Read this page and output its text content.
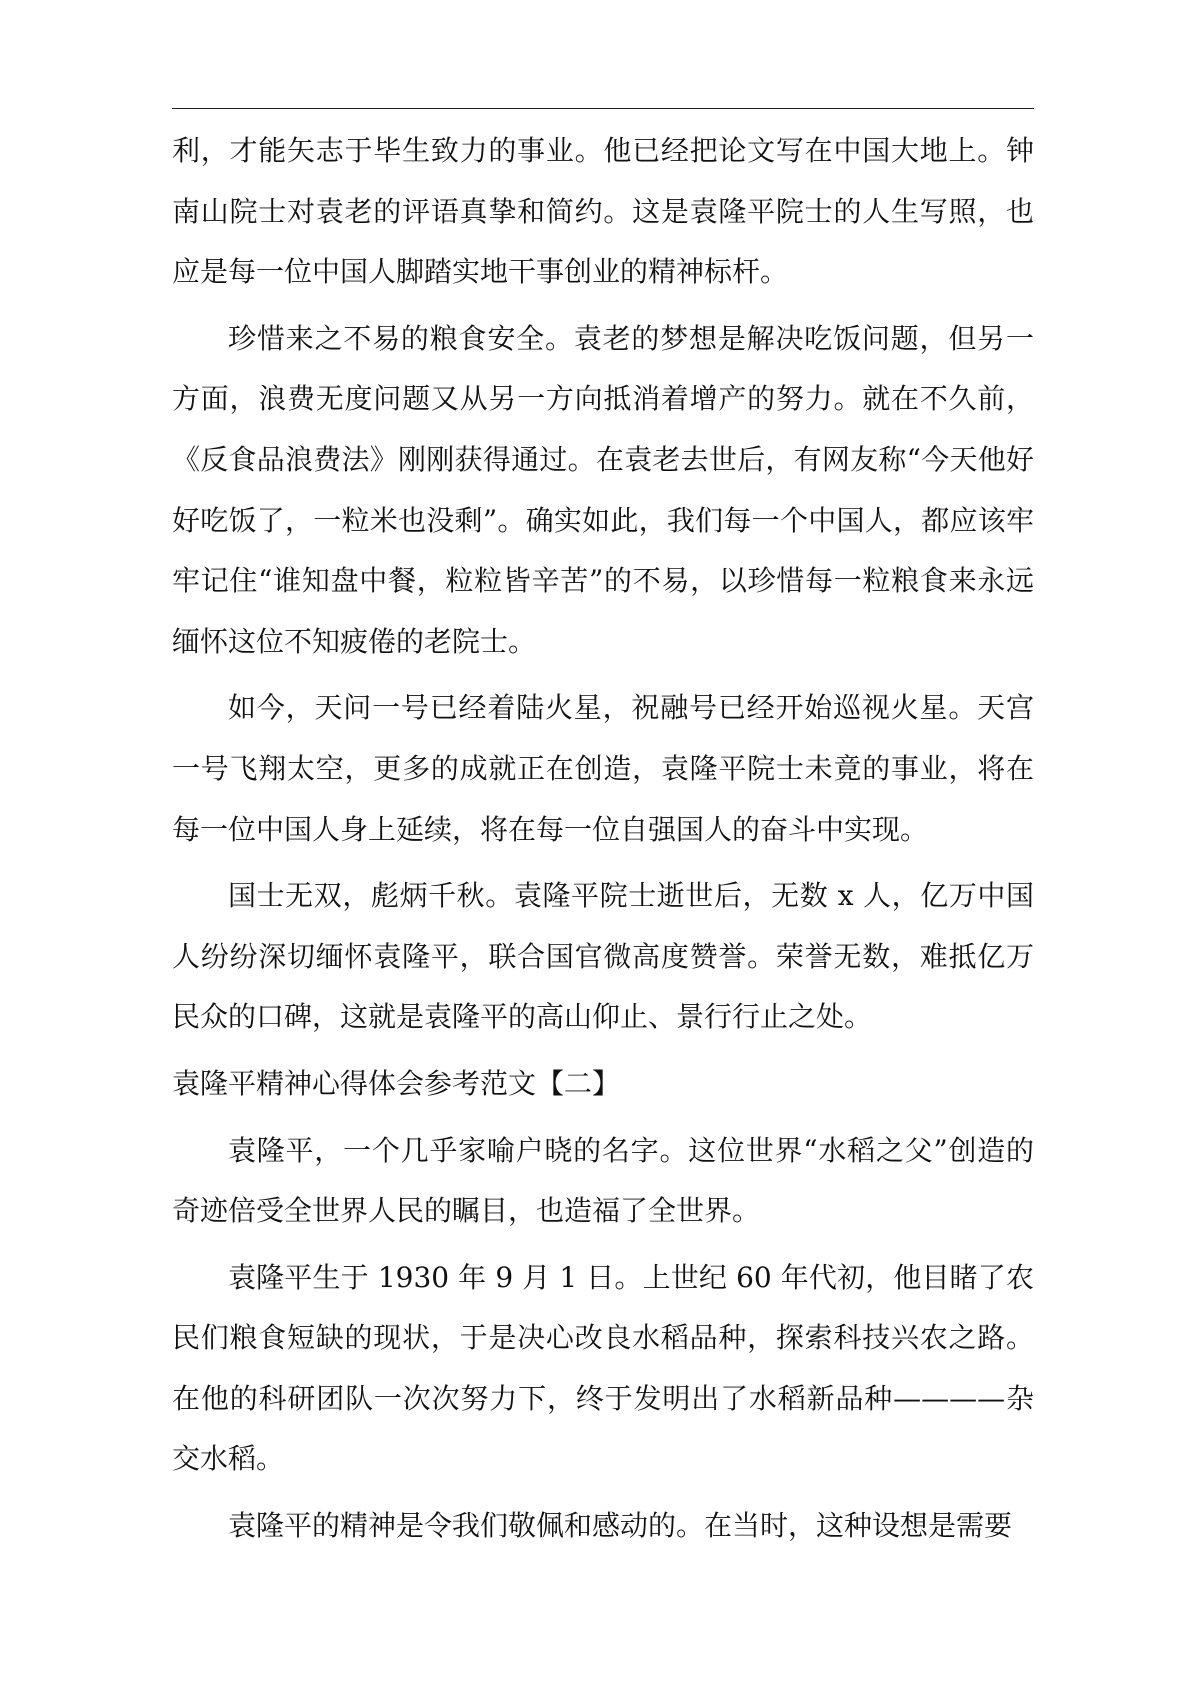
利，才能矢志于毕生致力的事业。他已经把论文写在中国大地上。钟南山院士对袁老的评语真挚和简约。这是袁隆平院士的人生写照，也应是每一位中国人脚踏实地干事创业的精神标杆。

珍惜来之不易的粮食安全。袁老的梦想是解决吃饭问题，但另一方面，浪费无度问题又从另一方向抵消着增产的努力。就在不久前，《反食品浪费法》刚刚获得通过。在袁老去世后，有网友称“今天他好好吃饭了，一粒米也没剩”。确实如此，我们每一个中国人，都应该牢牢记住“谁知盘中餐，粒粒皆辛苦”的不易，以珍惜每一粒粮食来永远缅怀这位不知疲倦的老院士。

如今，天问一号已经着陆火星，祝融号已经开始巡视火星。天宫一号飞翔太空，更多的成就正在创造，袁隆平院士未竟的事业，将在每一位中国人身上延续，将在每一位自强国人的奋斗中实现。

国士无双，彪炳千秋。袁隆平院士逝世后，无数 x 人，亿万中国人纷纷深切缅怀袁隆平，联合国官微高度赞誉。荣誉无数，难抵亿万民众的口碑，这就是袁隆平的高山仰止、景行行止之处。

袁隆平精神心得体会参考范文【二】

袁隆平，一个几乎家喻户晓的名字。这位世界“水稻之父”创造的奇迹倍受全世界人民的瞩目，也造福了全世界。

袁隆平生于 1930 年 9 月 1 日。上世纪 60 年代初，他目睹了农民们粮食短缺的现状，于是决心改良水稻品种，探索科技兴农之路。在他的科研团队一次次努力下，终于发明出了水稻新品种————杂交水稻。

袁隆平的精神是令我们敬佩和感动的。在当时，这种设想是需要
